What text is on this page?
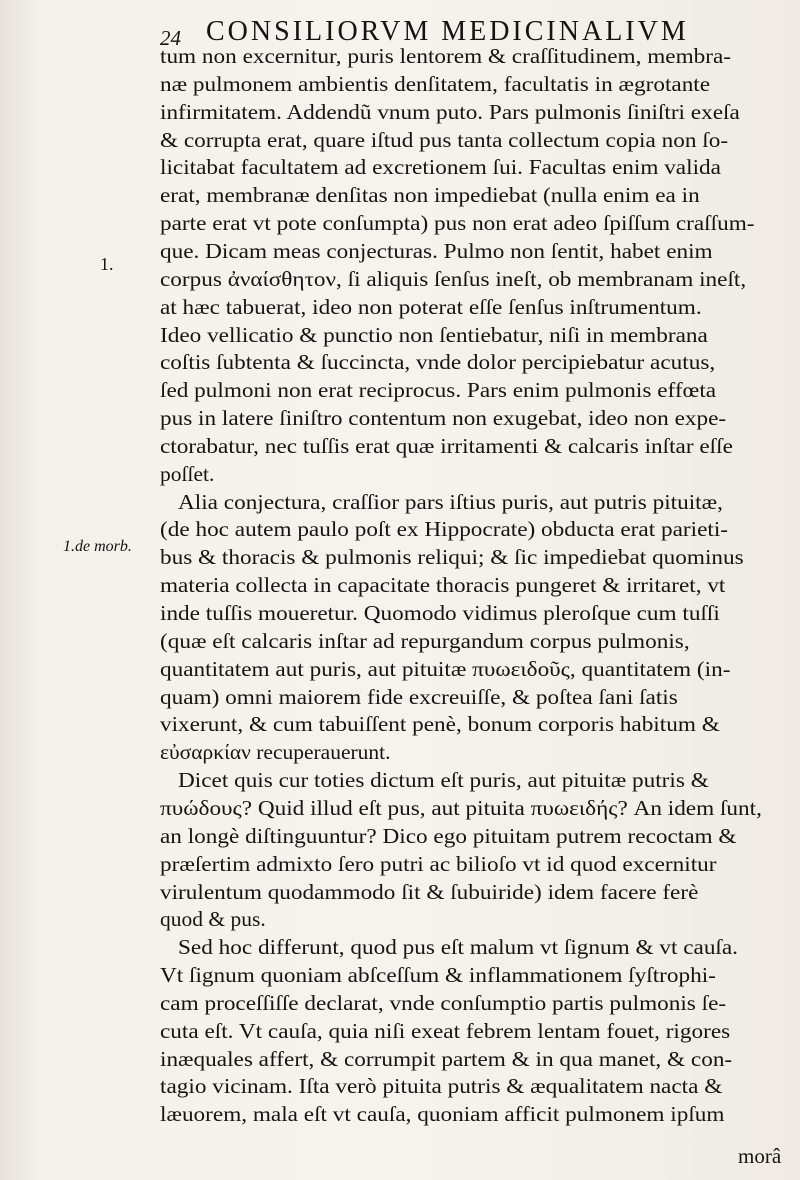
24 CONSILIORVM MEDICINALIVM
1.
1.de morb.
tum non excernitur, puris lentorem & craſſitudinem, membra-
næ pulmonem ambientis denſitatem, facultatis in ægrotante
infirmitatem. Addendũ vnum puto. Pars pulmonis ſiniſtri exeſa
& corrupta erat, quare iſtud pus tanta collectum copia non ſo-
licitabat facultatem ad excretionem ſui. Facultas enim valida
erat, membranæ denſitas non impediebat (nulla enim ea in
parte erat vt pote conſumpta) pus non erat adeo ſpiſſum craſſum-
que. Dicam meas conjecturas. Pulmo non ſentit, habet enim
corpus ἀναίσθητον, ſi aliquis ſenſus ineſt, ob membranam ineſt,
at hæc tabuerat, ideo non poterat eſſe ſenſus inſtrumentum.
Ideo vellicatio & punctio non ſentiebatur, niſi in membrana
coſtis ſubtenta & ſuccincta, vnde dolor percipiebatur acutus,
ſed pulmoni non erat reciprocus. Pars enim pulmonis effœta
pus in latere ſiniſtro contentum non exugebat, ideo non expe-
ctorabatur, nec tuſſis erat quæ irritamenti & calcaris inſtar eſſe
poſſet.
Alia conjectura, craſſior pars iſtius puris, aut putris pituitæ,
(de hoc autem paulo poſt ex Hippocrate) obducta erat parieti-
bus & thoracis & pulmonis reliqui; & ſic impediebat quominus
materia collecta in capacitate thoracis pungeret & irritaret, vt
inde tuſſis moueretur. Quomodo vidimus pleroſque cum tuſſi
(quæ eſt calcaris inſtar ad repurgandum corpus pulmonis,
quantitatem aut puris, aut pituitæ πυωειδοῦς, quantitatem (in-
quam) omni maiorem fide excreuiſſe, & poſtea ſani ſatis
vixerunt, & cum tabuiſſent penè, bonum corporis habitum &
εὐσαρκίαν recuperauerunt.
Dicet quis cur toties dictum eſt puris, aut pituitæ putris &
πυώδους? Quid illud eſt pus, aut pituita πυωειδής? An idem ſunt,
an longè diſtinguuntur? Dico ego pituitam putrem recoctam &
præſertim admixto ſero putri ac bilioſo vt id quod excernitur
virulentum quodammodo ſit & ſubuiride) idem facere ferè
quod & pus.
Sed hoc differunt, quod pus eſt malum vt ſignum & vt cauſa.
Vt ſignum quoniam abſceſſum & inflammationem ſyſtrophi-
cam proceſſiſſe declarat, vnde conſumptio partis pulmonis ſe-
cuta eſt. Vt cauſa, quia niſi exeat febrem lentam fouet, rigores
inæquales affert, & corrumpit partem & in qua manet, & con-
tagio vicinam. Iſta verò pituita putris & æqualitatem nacta &
læuorem, mala eſt vt cauſa, quoniam afficit pulmonem ipſum
morâ
